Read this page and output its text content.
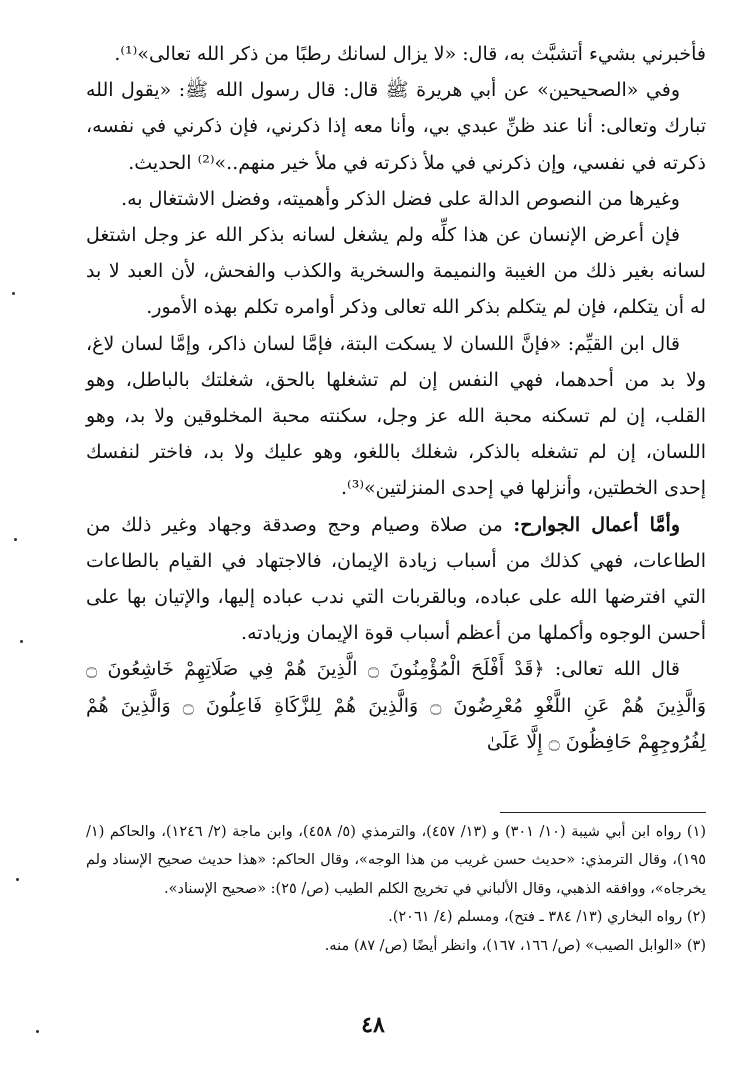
فأخبرني بشيء أتشبَّث به، قال: «لا يزال لسانك رطبًا من ذكر الله تعالى»⁽¹⁾.

وفي «الصحيحين» عن أبي هريرة ﷺ قال: قال رسول الله ﷺ: «يقول الله تبارك وتعالى: أنا عند ظنِّ عبدي بي، وأنا معه إذا ذكرني، فإن ذكرني في نفسه، ذكرته في نفسي، وإن ذكرني في ملأ ذكرته في ملأ خير منهم..»⁽²⁾ الحديث.

وغيرها من النصوص الدالة على فضل الذكر وأهميته، وفضل الاشتغال به.

فإن أعرض الإنسان عن هذا كلِّه ولم يشغل لسانه بذكر الله عز وجل اشتغل لسانه بغير ذلك من الغيبة والنميمة والسخرية والكذب والفحش، لأن العبد لا بد له أن يتكلم، فإن لم يتكلم بذكر الله تعالى وذكر أوامره تكلم بهذه الأمور.

قال ابن القيِّم: «فإنَّ اللسان لا يسكت البتة، فإمَّا لسان ذاكر، وإمَّا لسان لاغ، ولا بد من أحدهما، فهي النفس إن لم تشغلها بالحق، شغلتك بالباطل، وهو القلب، إن لم تسكنه محبة الله عز وجل، سكنته محبة المخلوقين ولا بد، وهو اللسان، إن لم تشغله بالذكر، شغلك باللغو، وهو عليك ولا بد، فاختر لنفسك إحدى الخطتين، وأنزلها في إحدى المنزلتين»⁽³⁾.

وأمَّا أعمال الجوارح: من صلاة وصيام وحج وصدقة وجهاد وغير ذلك من الطاعات، فهي كذلك من أسباب زيادة الإيمان، فالاجتهاد في القيام بالطاعات التي افترضها الله على عباده، وبالقربات التي ندب عباده إليها، والإتيان بها على أحسن الوجوه وأكملها من أعظم أسباب قوة الإيمان وزيادته.

قال الله تعالى: ﴿قَدْ أَفْلَحَ الْمُؤْمِنُونَ ۝ الَّذِينَ هُمْ فِي صَلَاتِهِمْ خَاشِعُونَ ۝ وَالَّذِينَ هُمْ عَنِ اللَّغْوِ مُعْرِضُونَ ۝ وَالَّذِينَ هُمْ لِلزَّكَاةِ فَاعِلُونَ ۝ وَالَّذِينَ هُمْ لِفُرُوجِهِمْ حَافِظُونَ ۝ إِلَّا عَلَىٰ

(١) رواه ابن أبي شيبة (١٠/ ٣٠١) و (١٣/ ٤٥٧)، والترمذي (٥/ ٤٥٨)، وابن ماجة (٢/ ١٢٤٦)، والحاكم (١/ ١٩٥)، وقال الترمذي: «حديث حسن غريب من هذا الوجه»، وقال الحاكم: «هذا حديث صحيح الإسناد ولم يخرجاه»، ووافقه الذهبي، وقال الألباني في تخريج الكلم الطيب (ص/ ٢٥): «صحيح الإسناد».

(٢) رواه البخاري (١٣/ ٣٨٤ ـ فتح)، ومسلم (٤/ ٢٠٦١).

(٣) «الوابل الصيب» (ص/ ١٦٦، ١٦٧)، وانظر أيضًا (ص/ ٨٧) منه.

٤٨
